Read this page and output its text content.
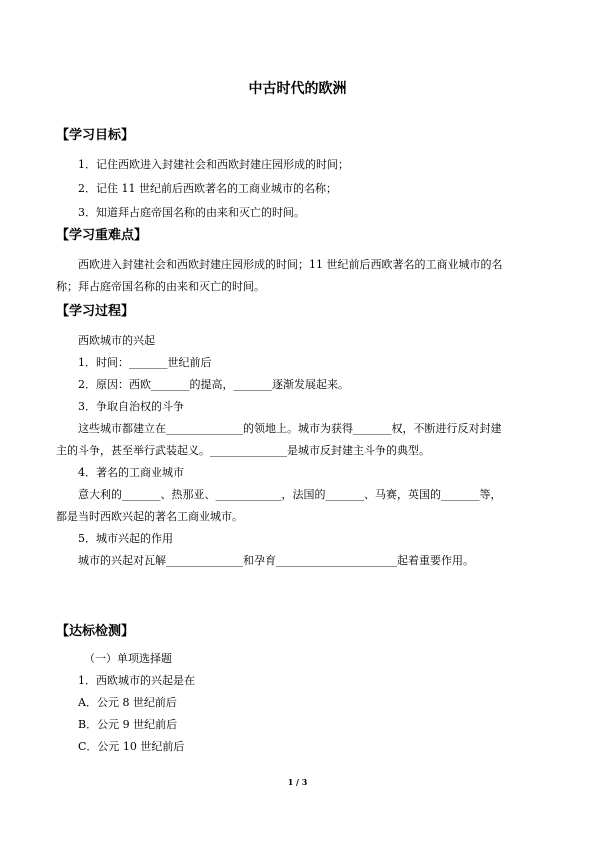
中古时代的欧洲
【学习目标】
1．记住西欧进入封建社会和西欧封建庄园形成的时间；
2．记住 11 世纪前后西欧著名的工商业城市的名称；
3．知道拜占庭帝国名称的由来和灭亡的时间。
【学习重难点】
西欧进入封建社会和西欧封建庄园形成的时间；11 世纪前后西欧著名的工商业城市的名
称；拜占庭帝国名称的由来和灭亡的时间。
【学习过程】
西欧城市的兴起
1．时间：_______世纪前后
2．原因：西欧_______的提高，_______逐渐发展起来。
3．争取自治权的斗争
这些城市都建立在______________的领地上。城市为获得_______权，不断进行反对封建
主的斗争，甚至举行武装起义。______________是城市反封建主斗争的典型。
4．著名的工商业城市
意大利的_______、热那亚、____________，法国的_______、马赛，英国的_______等，
都是当时西欧兴起的著名工商业城市。
5．城市兴起的作用
城市的兴起对瓦解______________和孕育______________________起着重要作用。
【达标检测】
（一）单项选择题
1．西欧城市的兴起是在
A．公元 8 世纪前后
B．公元 9 世纪前后
C．公元 10 世纪前后
1 / 3
